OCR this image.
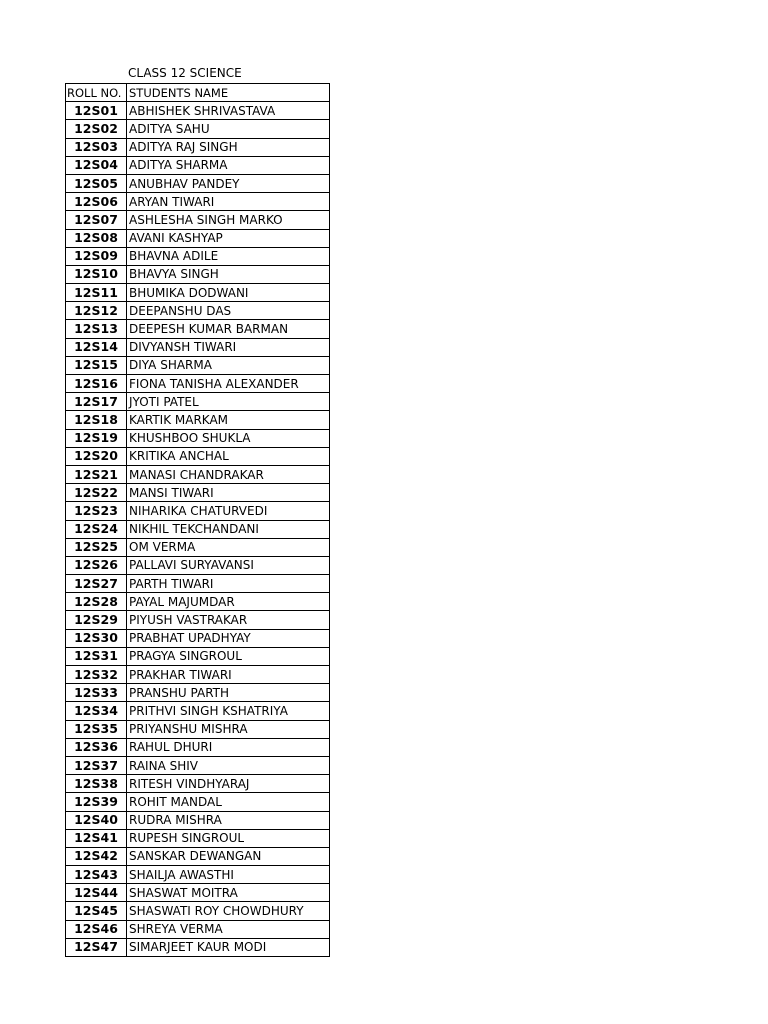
CLASS 12 SCIENCE
ROLL NO.	STUDENTS NAME
12S01	ABHISHEK SHRIVASTAVA
12S02	ADITYA SAHU
12S03	ADITYA RAJ SINGH
12S04	ADITYA SHARMA
12S05	ANUBHAV PANDEY
12S06	ARYAN TIWARI
12S07	ASHLESHA SINGH MARKO
12S08	AVANI KASHYAP
12S09	BHAVNA ADILE
12S10	BHAVYA SINGH
12S11	BHUMIKA DODWANI
12S12	DEEPANSHU DAS
12S13	DEEPESH KUMAR BARMAN
12S14	DIVYANSH TIWARI
12S15	DIYA SHARMA
12S16	FIONA TANISHA ALEXANDER
12S17	JYOTI PATEL
12S18	KARTIK MARKAM
12S19	KHUSHBOO SHUKLA
12S20	KRITIKA ANCHAL
12S21	MANASI CHANDRAKAR
12S22	MANSI TIWARI
12S23	NIHARIKA CHATURVEDI
12S24	NIKHIL TEKCHANDANI
12S25	OM VERMA
12S26	PALLAVI SURYAVANSI
12S27	PARTH TIWARI
12S28	PAYAL MAJUMDAR
12S29	PIYUSH VASTRAKAR
12S30	PRABHAT UPADHYAY
12S31	PRAGYA SINGROUL
12S32	PRAKHAR TIWARI
12S33	PRANSHU PARTH
12S34	PRITHVI SINGH KSHATRIYA
12S35	PRIYANSHU MISHRA
12S36	RAHUL DHURI
12S37	RAINA SHIV
12S38	RITESH VINDHYARAJ
12S39	ROHIT MANDAL
12S40	RUDRA MISHRA
12S41	RUPESH SINGROUL
12S42	SANSKAR DEWANGAN
12S43	SHAILJA AWASTHI
12S44	SHASWAT MOITRA
12S45	SHASWATI ROY CHOWDHURY
12S46	SHREYA VERMA
12S47	SIMARJEET KAUR MODI
